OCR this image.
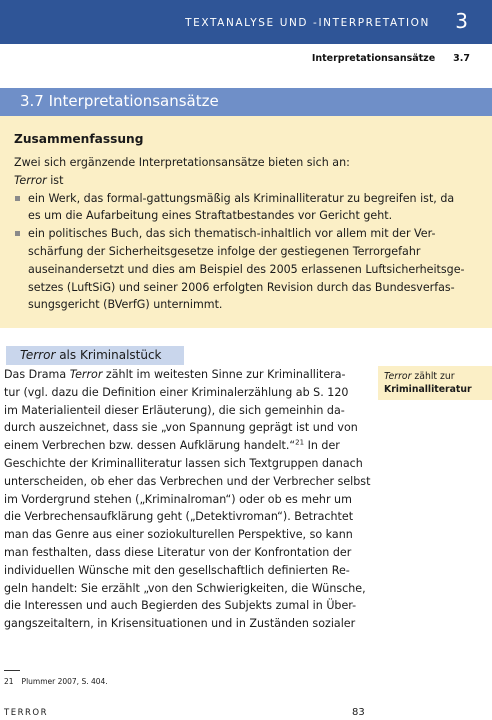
TEXTANALYSE UND -INTERPRETATION 3
Interpretationsansätze 3.7
3.7 Interpretationsansätze
Zusammenfassung

Zwei sich ergänzende Interpretationsansätze bieten sich an:

Terror ist

ein Werk, das formal-gattungsmäßig als Kriminalliteratur zu begreifen ist, da
es um die Aufarbeitung eines Straftatbestandes vor Gericht geht.
ein politisches Buch, das sich thematisch-inhaltlich vor allem mit der Ver-
schärfung der Sicherheitsgesetze infolge der gestiegenen Terrorgefahr
auseinandersetzt und dies am Beispiel des 2005 erlassenen Luftsicherheitsge-
setzes (LuftSiG) und seiner 2006 erfolgten Revision durch das Bundesverfas-
sungsgericht (BVerfG) unternimmt.
Terror als Kriminalstück
Das Drama Terror zählt im weitesten Sinne zur Kriminallitera-
tur (vgl. dazu die Definition einer Kriminalerzählung ab S. 120
im Materialienteil dieser Erläuterung), die sich gemeinhin da-
durch auszeichnet, dass sie „von Spannung geprägt ist und von
einem Verbrechen bzw. dessen Aufklärung handelt.“$^{21}$ In der
Geschichte der Kriminalliteratur lassen sich Textgruppen danach
unterscheiden, ob eher das Verbrechen und der Verbrecher selbst
im Vordergrund stehen („Kriminalroman“) oder ob es mehr um
die Verbrechensaufklärung geht („Detektivroman“). Betrachtet
man das Genre aus einer soziokulturellen Perspektive, so kann
man festhalten, dass diese Literatur von der Konfrontation der
individuellen Wünsche mit den gesellschaftlich definierten Re-
geln handelt: Sie erzählt „von den Schwierigkeiten, die Wünsche,
die Interessen und auch Begierden des Subjekts zumal in Über-
gangszeitaltern, in Krisensituationen und in Zuständen sozialer
Terror zählt zur
Kriminalliteratur
21 Plummer 2007, S. 404.
TERROR	83
